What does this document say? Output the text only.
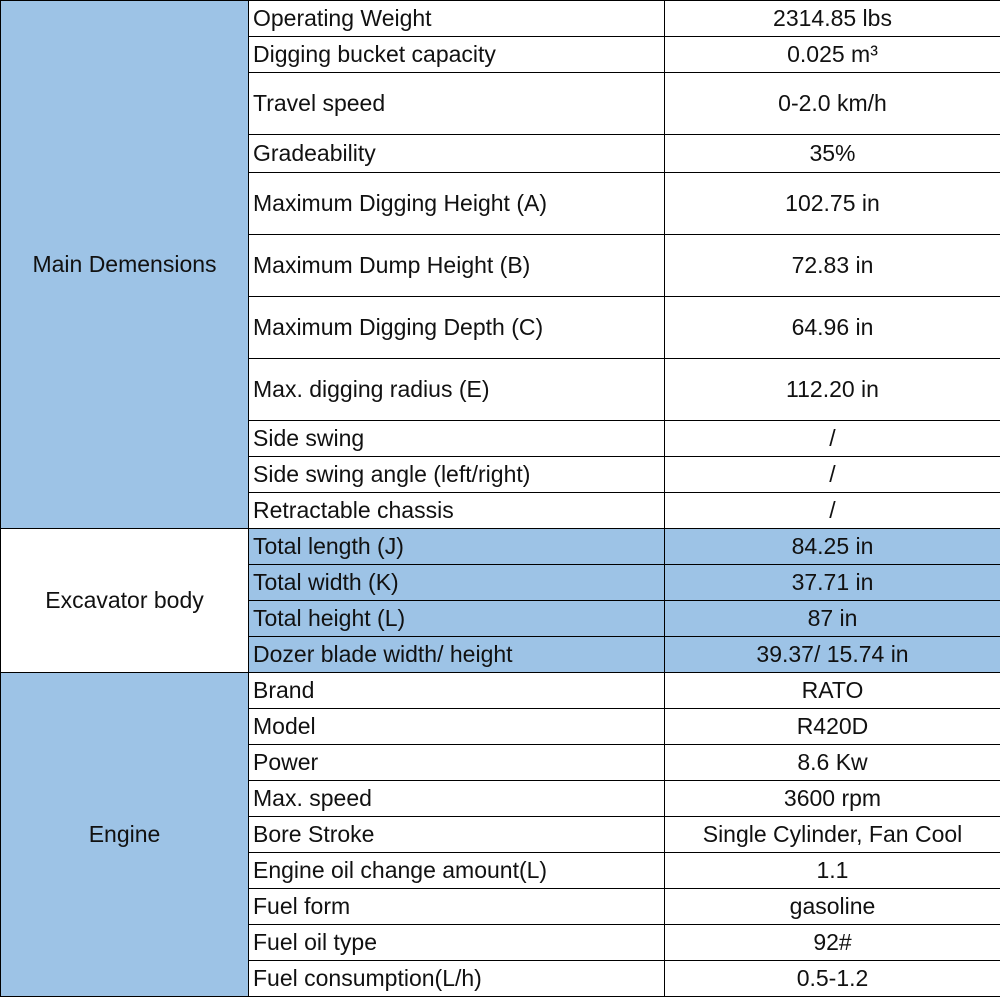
Main Demensions	Operating Weight	2314.85 lbs
	Digging bucket capacity	0.025 m³
	Travel speed	0-2.0 km/h
	Gradeability	35%
	Maximum Digging Height (A)	102.75 in
	Maximum Dump Height (B)	72.83 in
	Maximum Digging Depth (C)	64.96 in
	Max. digging radius (E)	112.20 in
	Side swing	/
	Side swing angle (left/right)	/
	Retractable chassis	/
Excavator body	Total length (J)	84.25 in
	Total width (K)	37.71 in
	Total height (L)	87 in
	Dozer blade width/ height	39.37/ 15.74 in
Engine	Brand	RATO
	Model	R420D
	Power	8.6 Kw
	Max. speed	3600 rpm
	Bore Stroke	Single Cylinder, Fan Cool
	Engine oil change amount(L)	1.1
	Fuel form	gasoline
	Fuel oil type	92#
	Fuel consumption(L/h)	0.5-1.2
